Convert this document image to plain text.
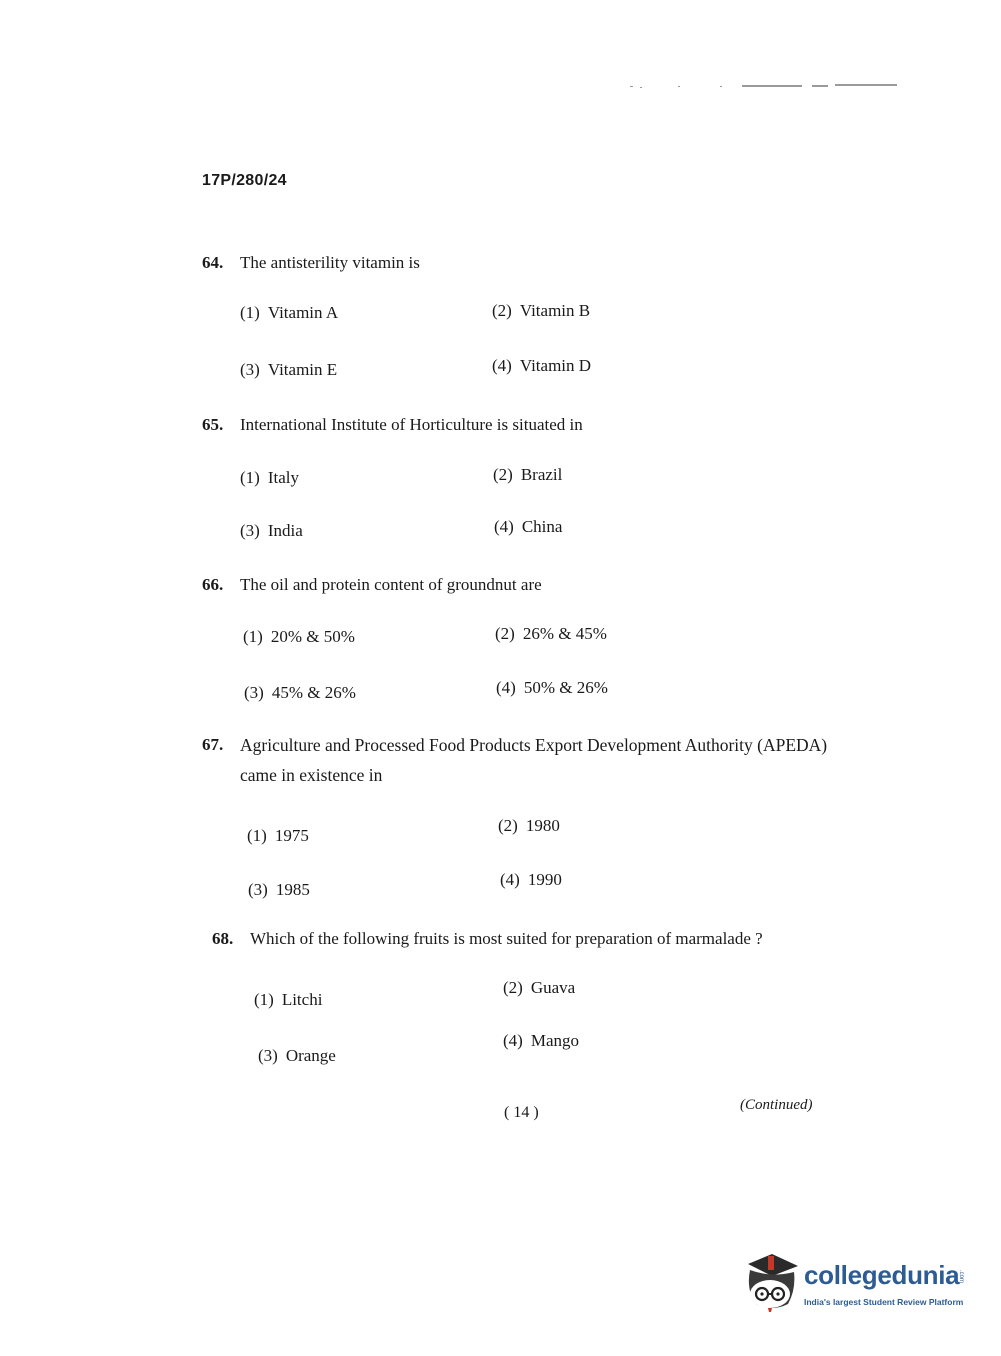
17P/280/24
64. The antisterility vitamin is
(1) Vitamin A	(2) Vitamin B
(3) Vitamin E	(4) Vitamin D
65. International Institute of Horticulture is situated in
(1) Italy	(2) Brazil
(3) India	(4) China
66. The oil and protein content of groundnut are
(1) 20% & 50%	(2) 26% & 45%
(3) 45% & 26%	(4) 50% & 26%
67. Agriculture and Processed Food Products Export Development Authority (APEDA) came in existence in
(1) 1975
(2) 1980
(3) 1985
(4) 1990
68. Which of the following fruits is most suited for preparation of marmalade ?
(1) Litchi
(2) Guava
(3) Orange
(4) Mango
( 14 )	(Continued)
collegedunia
.com
India's largest Student Review Platform
